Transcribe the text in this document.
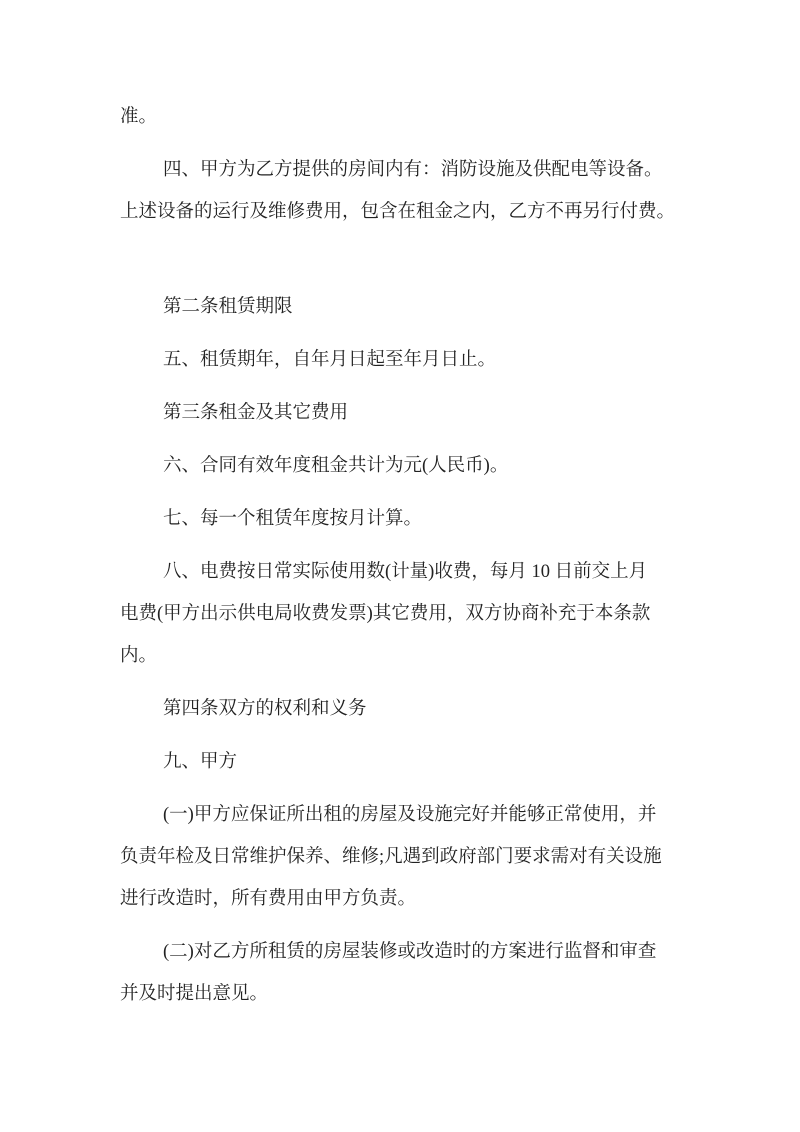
准。

四、甲方为乙方提供的房间内有：消防设施及供配电等设备。
上述设备的运行及维修费用，包含在租金之内，乙方不再另行付费。

第二条租赁期限

五、租赁期年，自年月日起至年月日止。

第三条租金及其它费用

六、合同有效年度租金共计为元(人民币)。

七、每一个租赁年度按月计算。

八、电费按日常实际使用数(计量)收费，每月 10 日前交上月
电费(甲方出示供电局收费发票)其它费用，双方协商补充于本条款
内。

第四条双方的权利和义务

九、甲方

(一)甲方应保证所出租的房屋及设施完好并能够正常使用，并
负责年检及日常维护保养、维修;凡遇到政府部门要求需对有关设施
进行改造时，所有费用由甲方负责。

(二)对乙方所租赁的房屋装修或改造时的方案进行监督和审查
并及时提出意见。
